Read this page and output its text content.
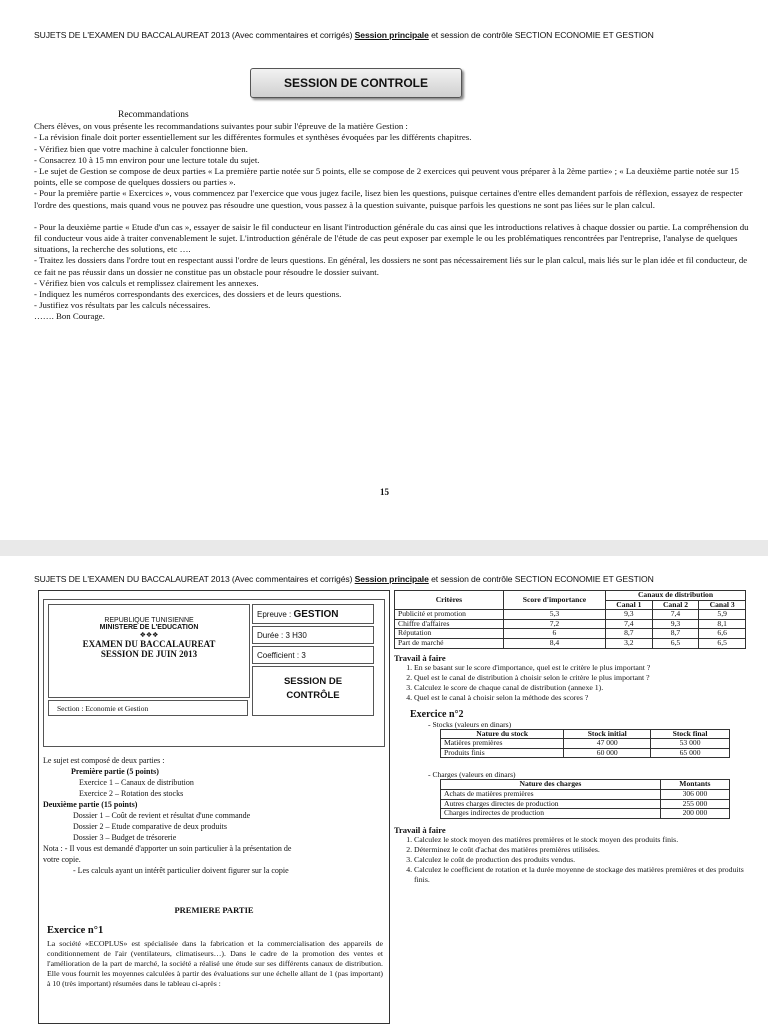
SUJETS DE L'EXAMEN DU BACCALAUREAT 2013 (Avec commentaires et corrigés) Session principale et session de contrôle SECTION ECONOMIE ET GESTION
SESSION DE CONTROLE
Recommandations

Chers élèves, on vous présente les recommandations suivantes pour subir l'épreuve de la matière Gestion :

- La révision finale doit porter essentiellement sur les différentes formules et synthèses évoquées par les différents chapitres.

- Vérifiez bien que votre machine à calculer fonctionne bien.

- Consacrez 10 à 15 mn environ pour une lecture totale du sujet.

- Le sujet de Gestion se compose de deux parties « La première partie notée sur 5 points, elle se compose de 2 exercices qui peuvent vous préparer à la 2ème partie» ; « La deuxième partie notée sur 15 points, elle se compose de quelques dossiers ou parties ».

- Pour la première partie « Exercices », vous commencez par l'exercice que vous jugez facile, lisez bien les questions, puisque certaines d'entre elles demandent parfois de réflexion, essayez de respecter l'ordre des questions, mais quand vous ne pouvez pas résoudre une question, vous passez à la question suivante, puisque parfois les questions ne sont pas liées sur le plan calcul.

- Pour la deuxième partie « Etude d'un cas », essayer de saisir le fil conducteur en lisant l'introduction générale du cas ainsi que les introductions relatives à chaque dossier ou partie. La compréhension du fil conducteur vous aide à traiter convenablement le sujet. L'introduction générale de l'étude de cas peut exposer par exemple le ou les problématiques rencontrées par l'entreprise, l'analyse de quelques situations, la recherche des solutions, etc ….

- Traitez les dossiers dans l'ordre tout en respectant aussi l'ordre de leurs questions. En général, les dossiers ne sont pas nécessairement liés sur le plan calcul, mais liés sur le plan idée et fil conducteur, de ce fait ne pas réussir dans un dossier ne constitue pas un obstacle pour résoudre le dossier suivant.

- Vérifiez bien vos calculs et remplissez clairement les annexes.

- Indiquez les numéros correspondants des exercices, des dossiers et de leurs questions.

- Justifiez vos résultats par les calculs nécessaires.

……. Bon Courage.

15
SUJETS DE L'EXAMEN DU BACCALAUREAT 2013 (Avec commentaires et corrigés) Session principale et session de contrôle SECTION ECONOMIE ET GESTION
REPUBLIQUE TUNISIENNE
MINISTERE DE L'EDUCATION
❖❖❖
EXAMEN DU BACCALAUREAT
SESSION DE JUIN 2013
Section : Economie et Gestion
Epreuve : GESTION
Durée : 3 H30
Coefficient : 3
SESSION DE
CONTRÔLE
Le sujet est composé de deux parties :
Première partie (5 points)
Exercice 1 – Canaux de distribution
Exercice 2 – Rotation des stocks
Deuxième partie (15 points)
Dossier 1 – Coût de revient et résultat d'une commande
Dossier 2 – Etude comparative de deux produits
Dossier 3 – Budget de trésorerie
Nota : - Il vous est demandé d'apporter un soin particulier à la présentation de
votre copie.
- Les calculs ayant un intérêt particulier doivent figurer sur la copie
PREMIERE PARTIE
Exercice n°1
La société «ECOPLUS» est spécialisée dans la fabrication et la commercialisation des appareils de conditionnement de l'air (ventilateurs, climatiseurs…). Dans le cadre de la promotion des ventes et l'amélioration de la part de marché, la société a réalisé une étude sur ses différents canaux de distribution. Elle vous fournit les moyennes calculées à partir des évaluations sur une échelle allant de 1 (pas important) à 10 (très important) résumées dans le tableau ci-après :
Critères	Score d'importance	Canaux de distribution		
		Canal 1	Canal 2	Canal 3
Publicité et promotion	5,3	9,3	7,4	5,9
Chiffre d'affaires	7,2	7,4	9,3	8,1
Réputation	6	8,7	8,7	6,6
Part de marché	8,4	3,2	6,5	6,5
Travail à faire
1. En se basant sur le score d'importance, quel est le critère le plus important ?
2. Quel est le canal de distribution à choisir selon le critère le plus important ?
3. Calculez le score de chaque canal de distribution (annexe 1).
4. Quel est le canal à choisir selon la méthode des scores ?
Exercice n°2
- Stocks (valeurs en dinars)
Nature du stock	Stock initial	Stock final
Matières premières	47 000	53 000
Produits finis	60 000	65 000
- Charges (valeurs en dinars)
Nature des charges	Montants
Achats de matières premières	306 000
Autres charges directes de production	255 000
Charges indirectes de production	200 000
Travail à faire
1. Calculez le stock moyen des matières premières et le stock moyen des produits finis.
2. Déterminez le coût d'achat des matières premières utilisées.
3. Calculez le coût de production des produits vendus.
4. Calculez le coefficient de rotation et la durée moyenne de stockage des matières premières et des produits finis.
